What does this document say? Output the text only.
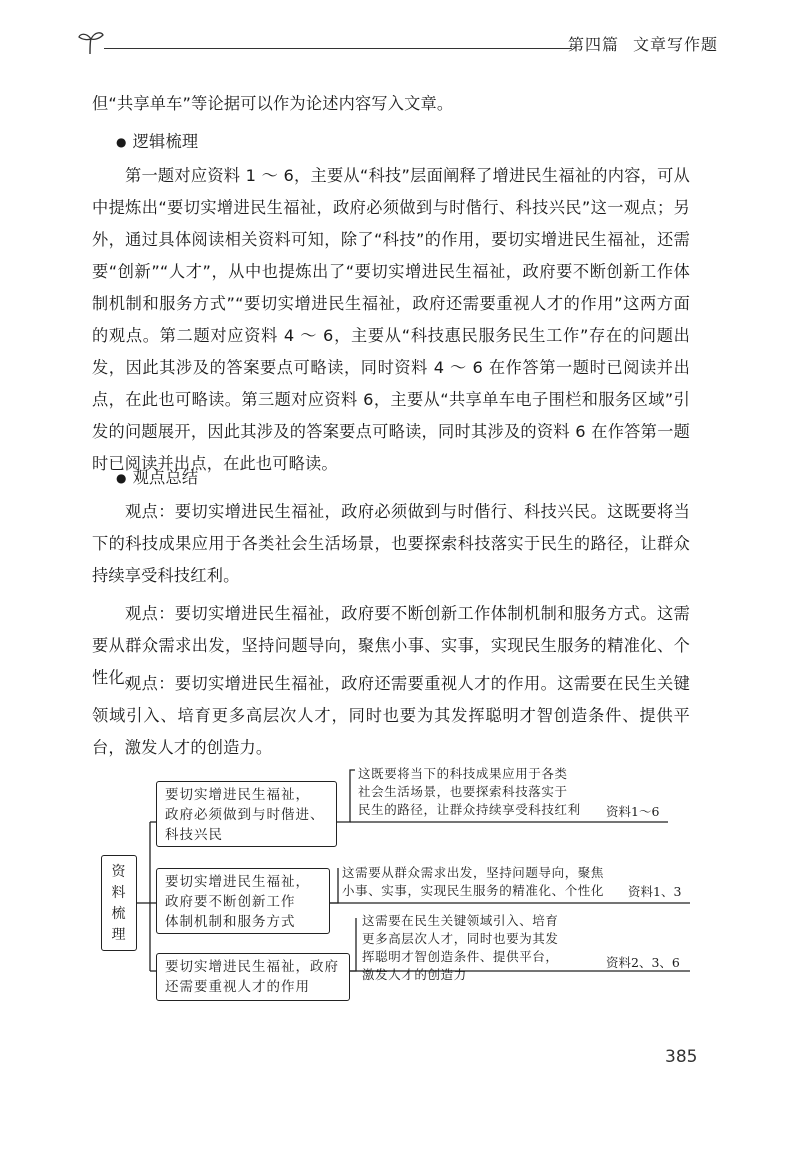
第四篇 文章写作题

但“共享单车”等论据可以作为论述内容写入文章。

● 逻辑梳理

第一题对应资料 1 ～ 6，主要从“科技”层面阐释了增进民生福祉的内容，可从中提炼出“要切实增进民生福祉，政府必须做到与时偕行、科技兴民”这一观点；另外，通过具体阅读相关资料可知，除了“科技”的作用，要切实增进民生福祉，还需要“创新”“人才”，从中也提炼出了“要切实增进民生福祉，政府要不断创新工作体制机制和服务方式”“要切实增进民生福祉，政府还需要重视人才的作用”这两方面的观点。第二题对应资料 4 ～ 6，主要从“科技惠民服务民生工作”存在的问题出发，因此其涉及的答案要点可略读，同时资料 4 ～ 6 在作答第一题时已阅读并出点，在此也可略读。第三题对应资料 6，主要从“共享单车电子围栏和服务区域”引发的问题展开，因此其涉及的答案要点可略读，同时其涉及的资料 6 在作答第一题时已阅读并出点，在此也可略读。

● 观点总结

观点：要切实增进民生福祉，政府必须做到与时偕行、科技兴民。这既要将当下的科技成果应用于各类社会生活场景，也要探索科技落实于民生的路径，让群众持续享受科技红利。

观点：要切实增进民生福祉，政府要不断创新工作体制机制和服务方式。这需要从群众需求出发，坚持问题导向，聚焦小事、实事，实现民生服务的精准化、个性化。

观点：要切实增进民生福祉，政府还需要重视人才的作用。这需要在民生关键领域引入、培育更多高层次人才，同时也要为其发挥聪明才智创造条件、提供平台，激发人才的创造力。

资
料
梳
理
要切实增进民生福祉，
政府必须做到与时偕进、
科技兴民
这既要将当下的科技成果应用于各类
社会生活场景，也要探索科技落实于
民生的路径，让群众持续享受科技红利 资料1～6
要切实增进民生福祉，
政府要不断创新工作
体制机制和服务方式
这需要从群众需求出发，坚持问题导向，聚焦
小事、实事，实现民生服务的精准化、个性化 资料1、3
要切实增进民生福祉，政府
还需要重视人才的作用
这需要在民生关键领域引入、培育
更多高层次人才，同时也要为其发
挥聪明才智创造条件、提供平台，
激发人才的创造力
资料2、3、6
385
